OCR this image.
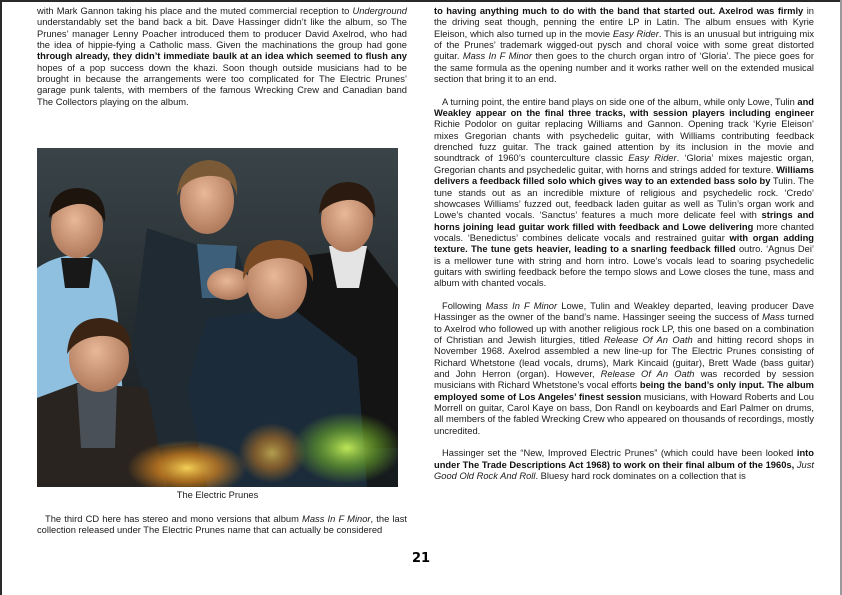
with Mark Gannon taking his place and the muted commercial reception to Underground understandably set the band back a bit. Dave Hassinger didn’t like the album, so The Prunes’ manager Lenny Poacher introduced them to producer David Axelrod, who had the idea of hippie-fying a Catholic mass. Given the machinations the group had gone through already, they didn’t immediate baulk at an idea which seemed to flush any hopes of a pop success down the khazi. Soon though outside musicians had to be brought in because the arrangements were too complicated for The Electric Prunes’ garage punk talents, with members of the famous Wrecking Crew and Canadian band The Collectors playing on the album.

The Electric Prunes

The third CD here has stereo and mono versions that album Mass In F Minor, the last collection released under The Electric Prunes name that can actually be considered

to having anything much to do with the band that started out. Axelrod was firmly in the driving seat though, penning the entire LP in Latin. The album ensues with Kyrie Eleison, which also turned up in the movie Easy Rider. This is an unusual but intriguing mix of the Prunes’ trademark wigged-out pysch and choral voice with some great distorted guitar. Mass In F Minor then goes to the church organ intro of ‘Gloria’. The piece goes for the same formula as the opening number and it works rather well on the extended musical section that bring it to an end.

A turning point, the entire band plays on side one of the album, while only Lowe, Tulin and Weakley appear on the final three tracks, with session players including engineer Richie Podolor on guitar replacing Williams and Gannon. Opening track ‘Kyrie Eleison’ mixes Gregorian chants with psychedelic guitar, with Williams contributing feedback drenched fuzz guitar. The track gained attention by its inclusion in the movie and soundtrack of 1960’s counterculture classic Easy Rider. ‘Gloria’ mixes majestic organ, Gregorian chants and psychedelic guitar, with horns and strings added for texture. Williams delivers a feedback filled solo which gives way to an extended bass solo by Tulin. The tune stands out as an incredible mixture of religious and psychedelic rock. ‘Credo’ showcases Williams’ fuzzed out, feedback laden guitar as well as Tulin’s organ work and Lowe’s chanted vocals. ‘Sanctus’ features a much more delicate feel with strings and horns joining lead guitar work filled with feedback and Lowe delivering more chanted vocals. ‘Benedictus’ combines delicate vocals and restrained guitar with organ adding texture. The tune gets heavier, leading to a snarling feedback filled outro. ‘Agnus Dei’ is a mellower tune with string and horn intro. Lowe’s vocals lead to soaring psychedelic guitars with swirling feedback before the tempo slows and Lowe closes the tune, mass and album with chanted vocals.

Following Mass In F Minor Lowe, Tulin and Weakley departed, leaving producer Dave Hassinger as the owner of the band’s name. Hassinger seeing the success of Mass turned to Axelrod who followed up with another religious rock LP, this one based on a combination of Christian and Jewish liturgies, titled Release Of An Oath and hitting record shops in November 1968. Axelrod assembled a new line-up for The Electric Prunes consisting of Richard Whetstone (lead vocals, drums), Mark Kincaid (guitar), Brett Wade (bass guitar) and John Herron (organ). However, Release Of An Oath was recorded by session musicians with Richard Whetstone’s vocal efforts being the band’s only input. The album employed some of Los Angeles’ finest session musicians, with Howard Roberts and Lou Morrell on guitar, Carol Kaye on bass, Don Randl on keyboards and Earl Palmer on drums, all members of the fabled Wrecking Crew who appeared on thousands of recordings, mostly uncredited.

Hassinger set the “New, Improved Electric Prunes” (which could have been looked into under The Trade Descriptions Act 1968) to work on their final album of the 1960s, Just Good Old Rock And Roll. Bluesy hard rock dominates on a collection that is

21
